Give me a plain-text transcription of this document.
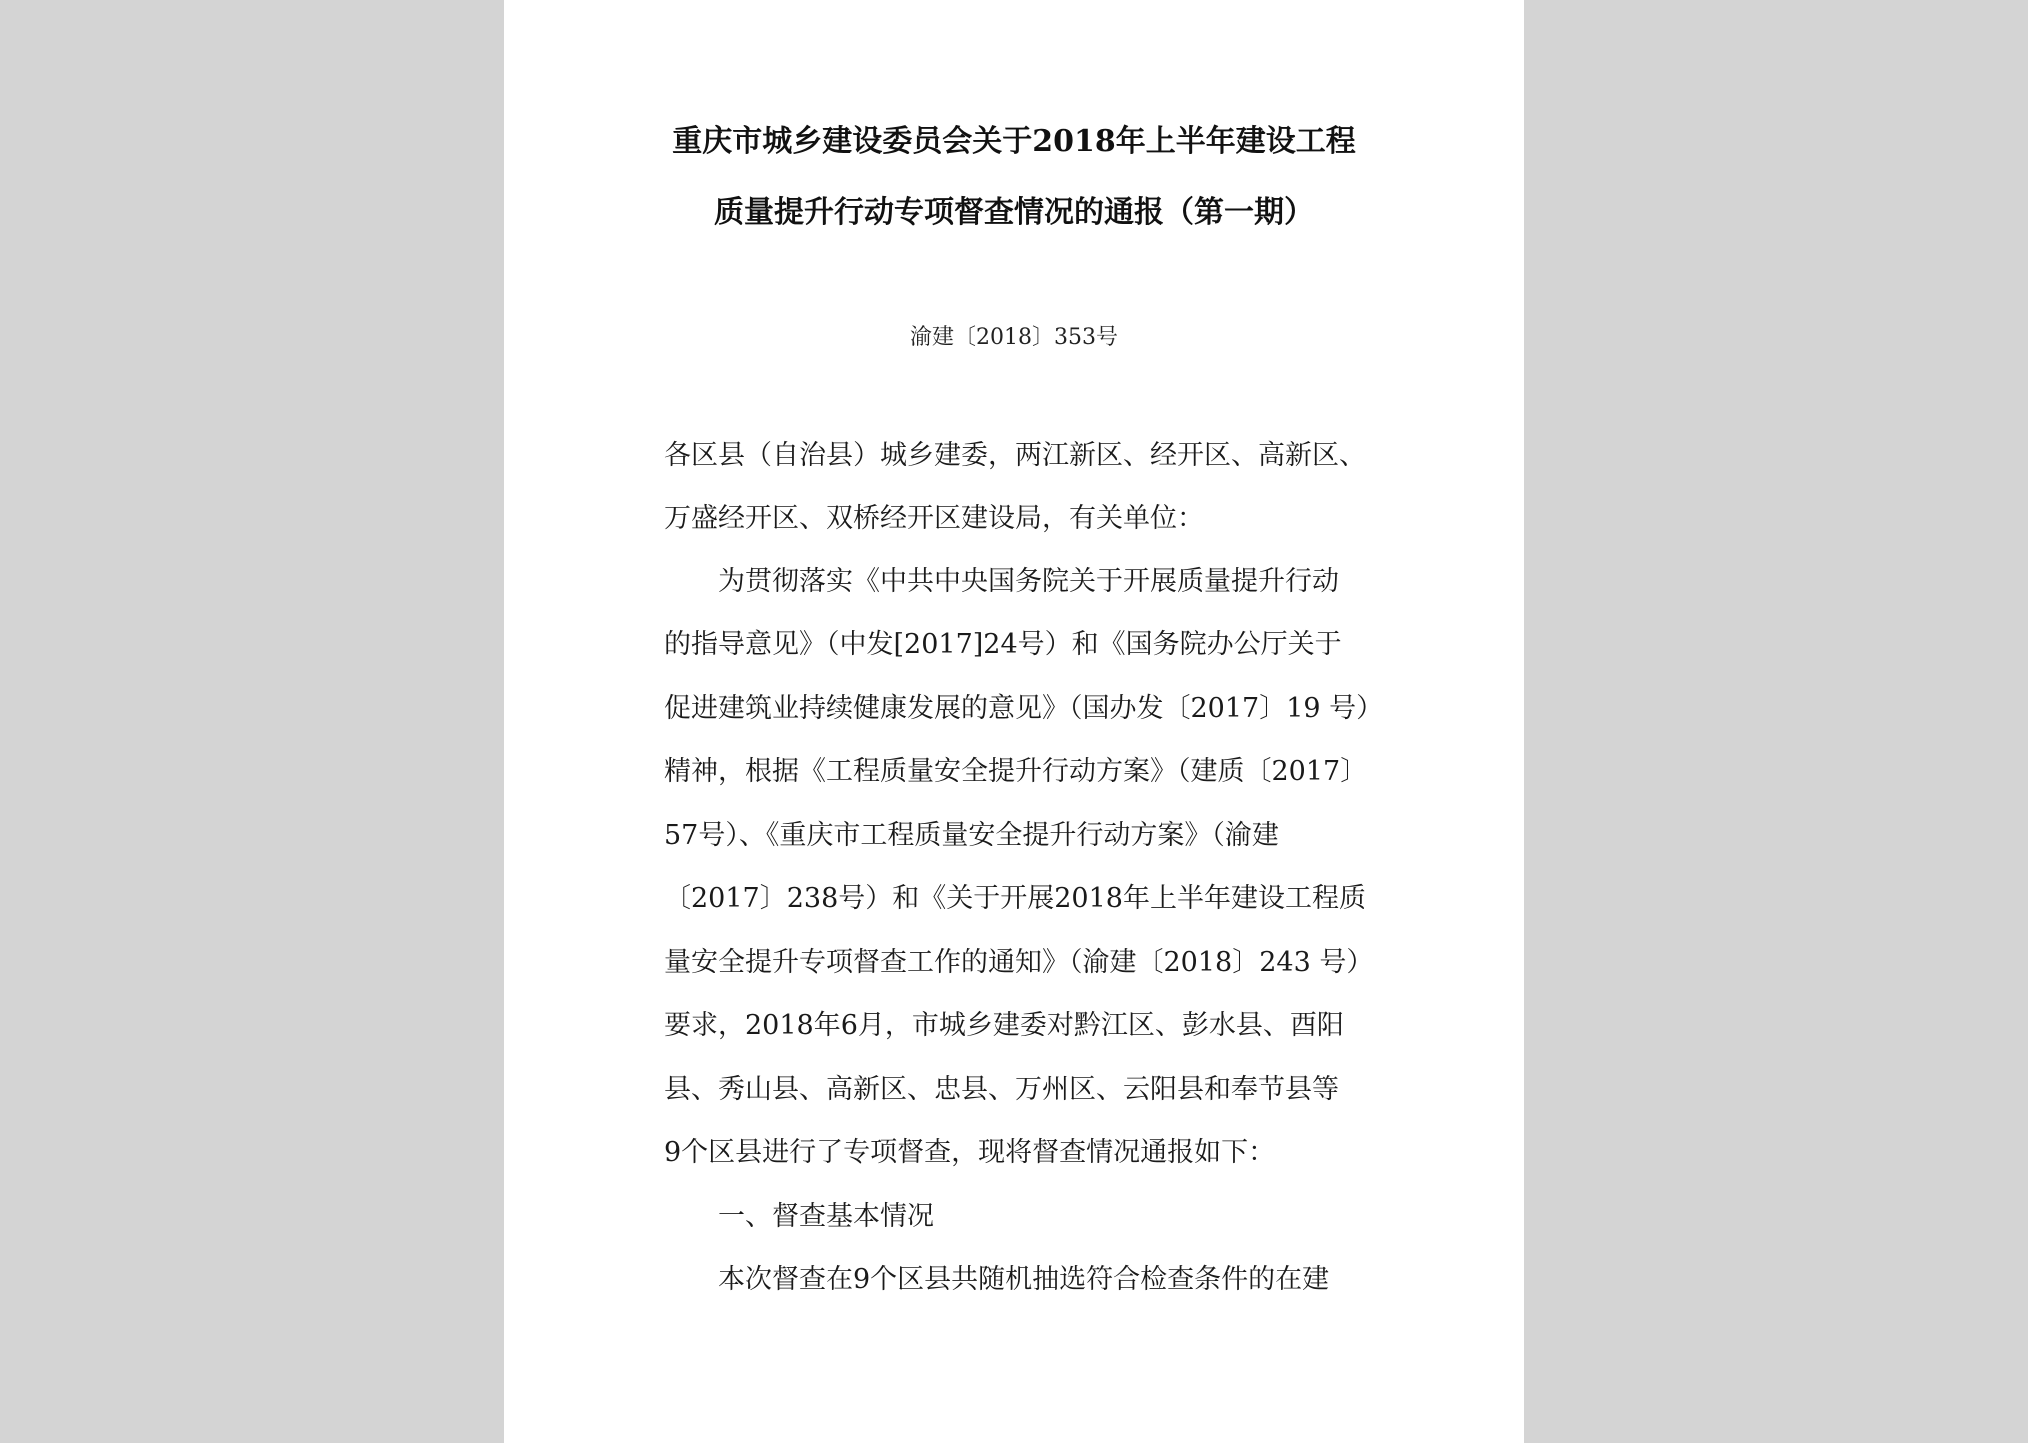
重庆市城乡建设委员会关于2018年上半年建设工程
质量提升行动专项督查情况的通报（第一期）
渝建〔2018〕353号
各区县（自治县）城乡建委，两江新区、经开区、高新区、
万盛经开区、双桥经开区建设局，有关单位：
为贯彻落实《中共中央国务院关于开展质量提升行动
的指导意见》（中发[2017]24号）和《国务院办公厅关于
促进建筑业持续健康发展的意见》（国办发〔2017〕19 号）
精神，根据《工程质量安全提升行动方案》（建质〔2017〕
57号）、《重庆市工程质量安全提升行动方案》（渝建
〔2017〕238号）和《关于开展2018年上半年建设工程质
量安全提升专项督查工作的通知》（渝建〔2018〕243 号）
要求，2018年6月，市城乡建委对黔江区、彭水县、酉阳
县、秀山县、高新区、忠县、万州区、云阳县和奉节县等
9个区县进行了专项督查，现将督查情况通报如下：
一、督查基本情况
本次督查在9个区县共随机抽选符合检查条件的在建
